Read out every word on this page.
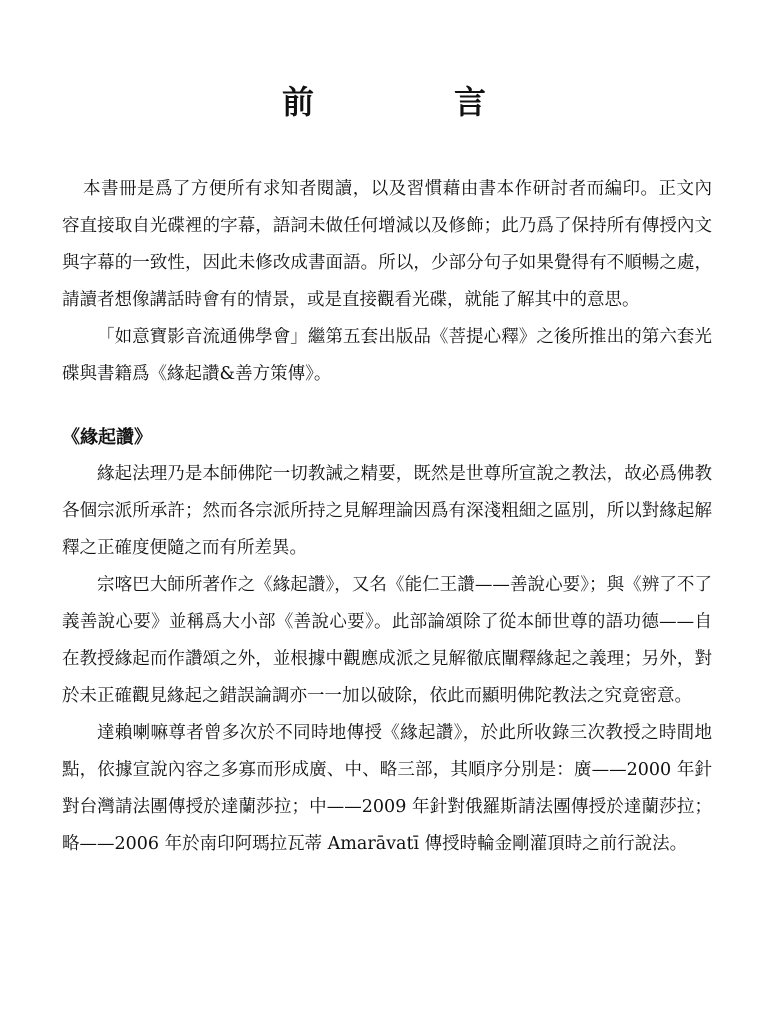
前　言

本書冊是爲了方便所有求知者閱讀，以及習慣藉由書本作研討者而編印。正文內容直接取自光碟裡的字幕，語詞未做任何增減以及修飾；此乃爲了保持所有傳授內文與字幕的一致性，因此未修改成書面語。所以，少部分句子如果覺得有不順暢之處，請讀者想像講話時會有的情景，或是直接觀看光碟，就能了解其中的意思。

「如意寶影音流通佛學會」繼第五套出版品《菩提心釋》之後所推出的第六套光碟與書籍爲《緣起讚&善方策傳》。

《緣起讚》

緣起法理乃是本師佛陀一切教誡之精要，既然是世尊所宣說之教法，故必爲佛教各個宗派所承許；然而各宗派所持之見解理論因爲有深淺粗細之區別，所以對緣起解釋之正確度便隨之而有所差異。

宗喀巴大師所著作之《緣起讚》，又名《能仁王讚——善說心要》；與《辨了不了義善說心要》並稱爲大小部《善說心要》。此部論頌除了從本師世尊的語功德——自在教授緣起而作讚頌之外，並根據中觀應成派之見解徹底闡釋緣起之義理；另外，對於未正確觀見緣起之錯誤論調亦一一加以破除，依此而顯明佛陀教法之究竟密意。

達賴喇嘛尊者曾多次於不同時地傳授《緣起讚》，於此所收錄三次教授之時間地點，依據宣說內容之多寡而形成廣、中、略三部，其順序分別是：廣——2000 年針對台灣請法團傳授於達蘭莎拉；中——2009 年針對俄羅斯請法團傳授於達蘭莎拉；略——2006 年於南印阿瑪拉瓦蒂 Amarāvatī 傳授時輪金剛灌頂時之前行說法。
